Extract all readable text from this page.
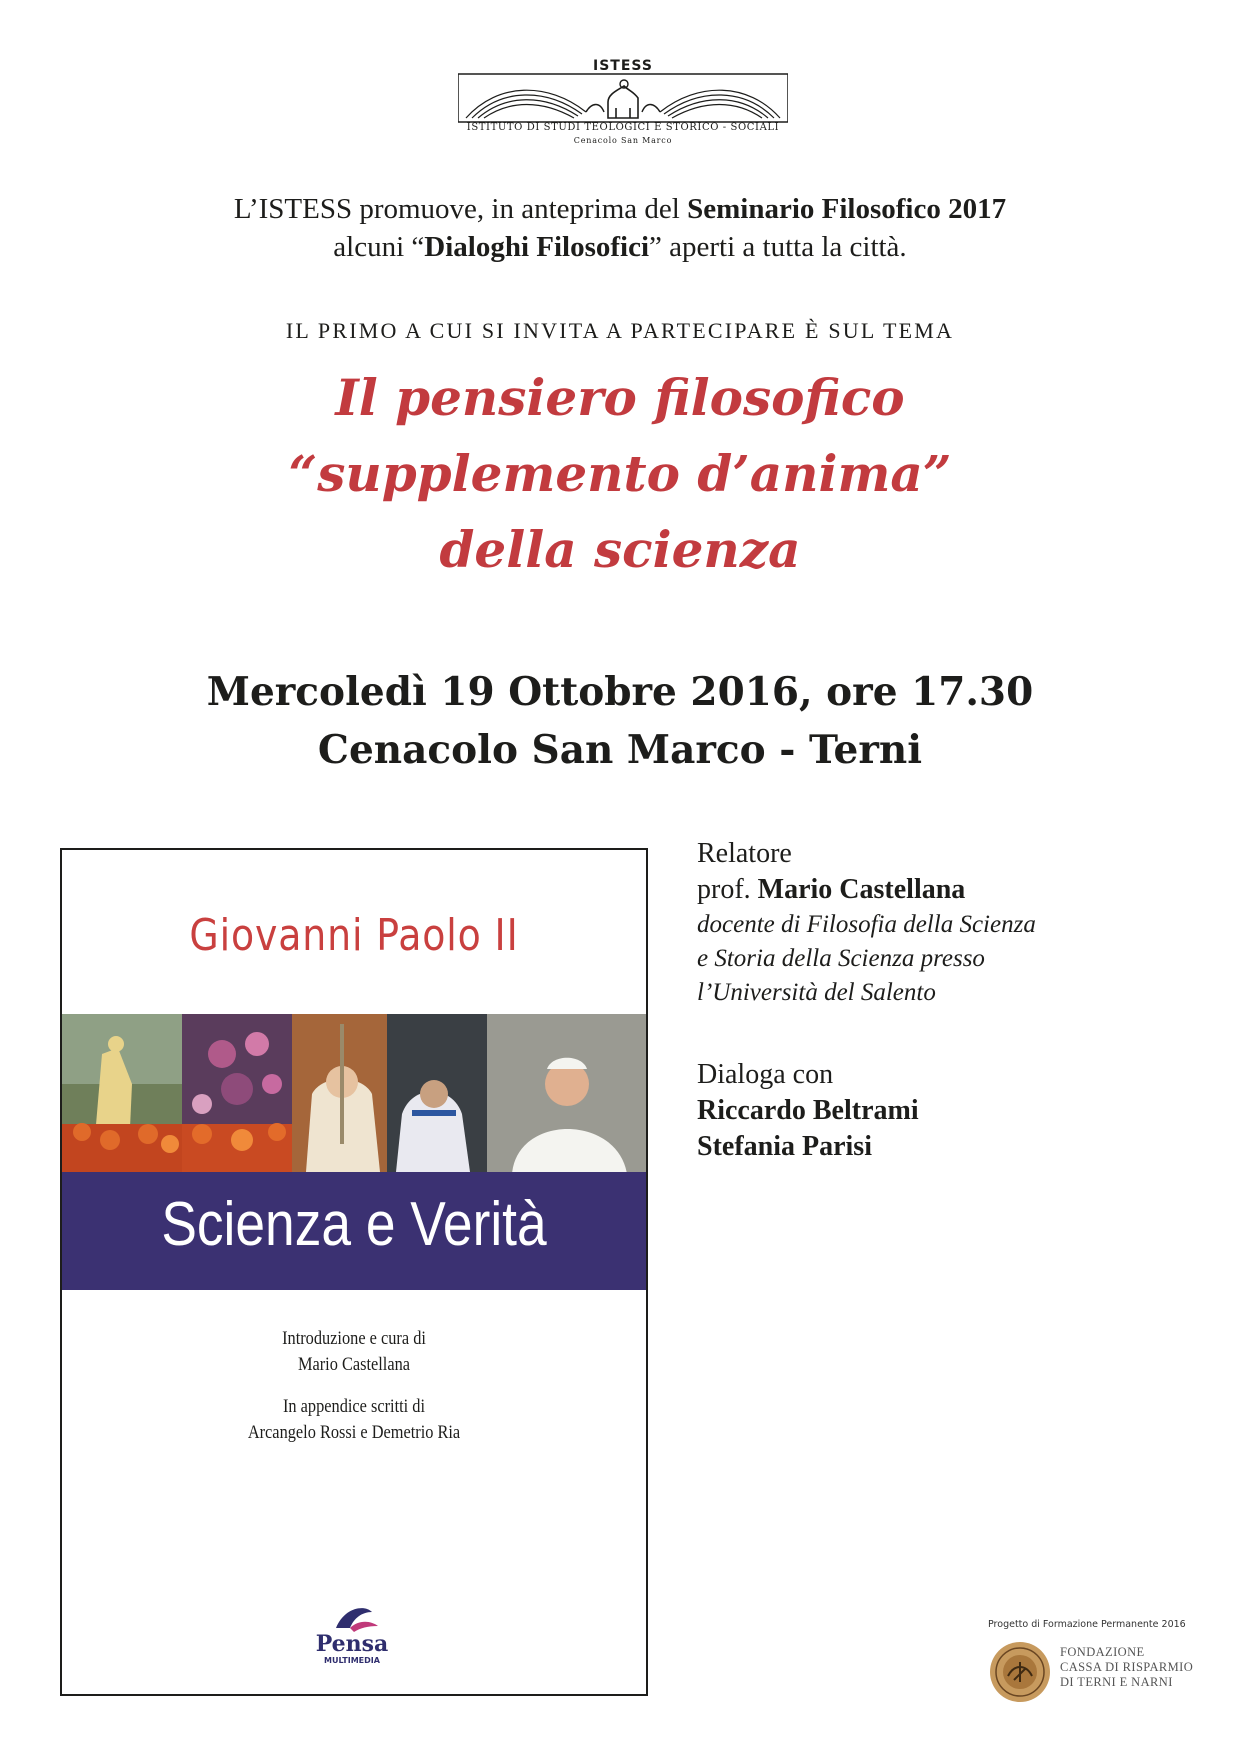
ISTESS
ISTITUTO DI STUDI TEOLOGICI E STORICO - SOCIALI
Cenacolo San Marco
L’ISTESS promuove, in anteprima del Seminario Filosofico 2017
alcuni “Dialoghi Filosofici” aperti a tutta la città.
IL PRIMO A CUI SI INVITA A PARTECIPARE È SUL TEMA
Il pensiero filosofico
“supplemento d’anima”
della scienza
Mercoledì 19 Ottobre 2016, ore 17.30
Cenacolo San Marco - Terni
Giovanni Paolo II
Scienza e Verità
Introduzione e cura di
Mario Castellana
In appendice scritti di
Arcangelo Rossi e Demetrio Ria
Pensa
MULTIMEDIA
Relatore
prof. Mario Castellana
docente di Filosofia della Scienza
e Storia della Scienza presso
l’Università del Salento
Dialoga con
Riccardo Beltrami
Stefania Parisi
Progetto di Formazione Permanente 2016
FONDAZIONE
CASSA DI RISPARMIO
DI TERNI E NARNI
